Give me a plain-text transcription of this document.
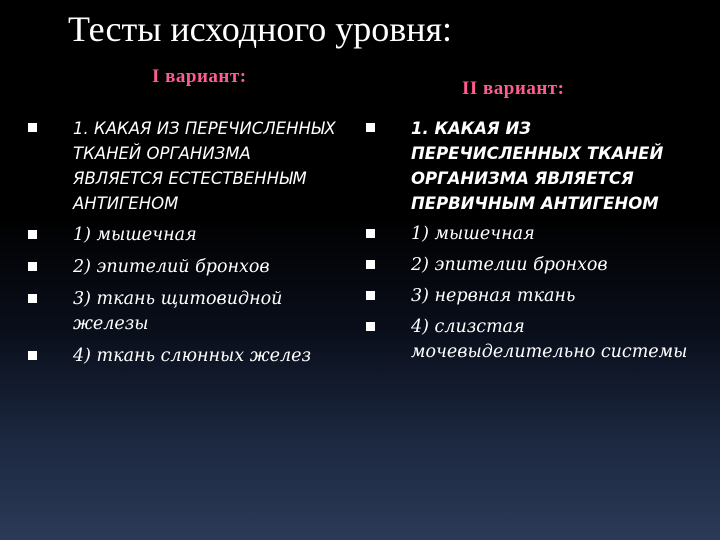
Тесты исходного уровня:
I вариант:
II вариант:
1. КАКАЯ ИЗ ПЕРЕЧИСЛЕННЫХ ТКАНЕЙ ОРГАНИЗМА ЯВЛЯЕТСЯ ЕСТЕСТВЕННЫМ АНТИГЕНОМ
1) мышечная
2) эпителий бронхов
3) ткань щитовидной железы
4) ткань слюнных желез
1. КАКАЯ ИЗ ПЕРЕЧИСЛЕННЫХ ТКАНЕЙ ОРГАНИЗМА ЯВЛЯЕТСЯ ПЕРВИЧНЫМ АНТИГЕНОМ
1) мышечная
2) эпителии бронхов
3) нервная ткань
4) слизстая мочевыделительно системы
